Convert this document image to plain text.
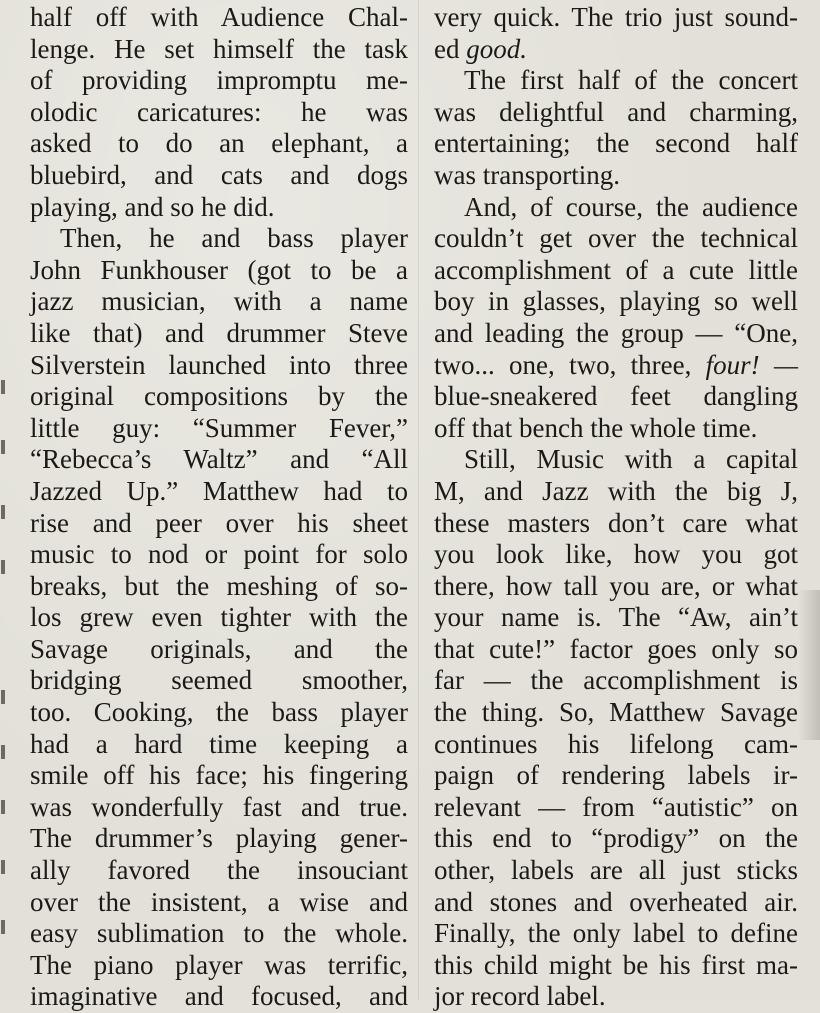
half off with Audience Chal-
lenge. He set himself the task
of providing impromptu me-
olodic caricatures: he was
asked to do an elephant, a
bluebird, and cats and dogs
playing, and so he did.
Then, he and bass player
John Funkhouser (got to be a
jazz musician, with a name
like that) and drummer Steve
Silverstein launched into three
original compositions by the
little guy: “Summer Fever,”
“Rebecca’s Waltz” and “All
Jazzed Up.” Matthew had to
rise and peer over his sheet
music to nod or point for solo
breaks, but the meshing of so-
los grew even tighter with the
Savage originals, and the
bridging seemed smoother,
too. Cooking, the bass player
had a hard time keeping a
smile off his face; his fingering
was wonderfully fast and true.
The drummer’s playing gener-
ally favored the insouciant
over the insistent, a wise and
easy sublimation to the whole.
The piano player was terrific,
imaginative and focused, and
very quick. The trio just sound-
ed good.
The first half of the concert
was delightful and charming,
entertaining; the second half
was transporting.
And, of course, the audience
couldn’t get over the technical
accomplishment of a cute little
boy in glasses, playing so well
and leading the group — “One,
two... one, two, three, four! —
blue-sneakered feet dangling
off that bench the whole time.
Still, Music with a capital
M, and Jazz with the big J,
these masters don’t care what
you look like, how you got
there, how tall you are, or what
your name is. The “Aw, ain’t
that cute!” factor goes only so
far — the accomplishment is
the thing. So, Matthew Savage
continues his lifelong cam-
paign of rendering labels ir-
relevant — from “autistic” on
this end to “prodigy” on the
other, labels are all just sticks
and stones and overheated air.
Finally, the only label to define
this child might be his first ma-
jor record label.
